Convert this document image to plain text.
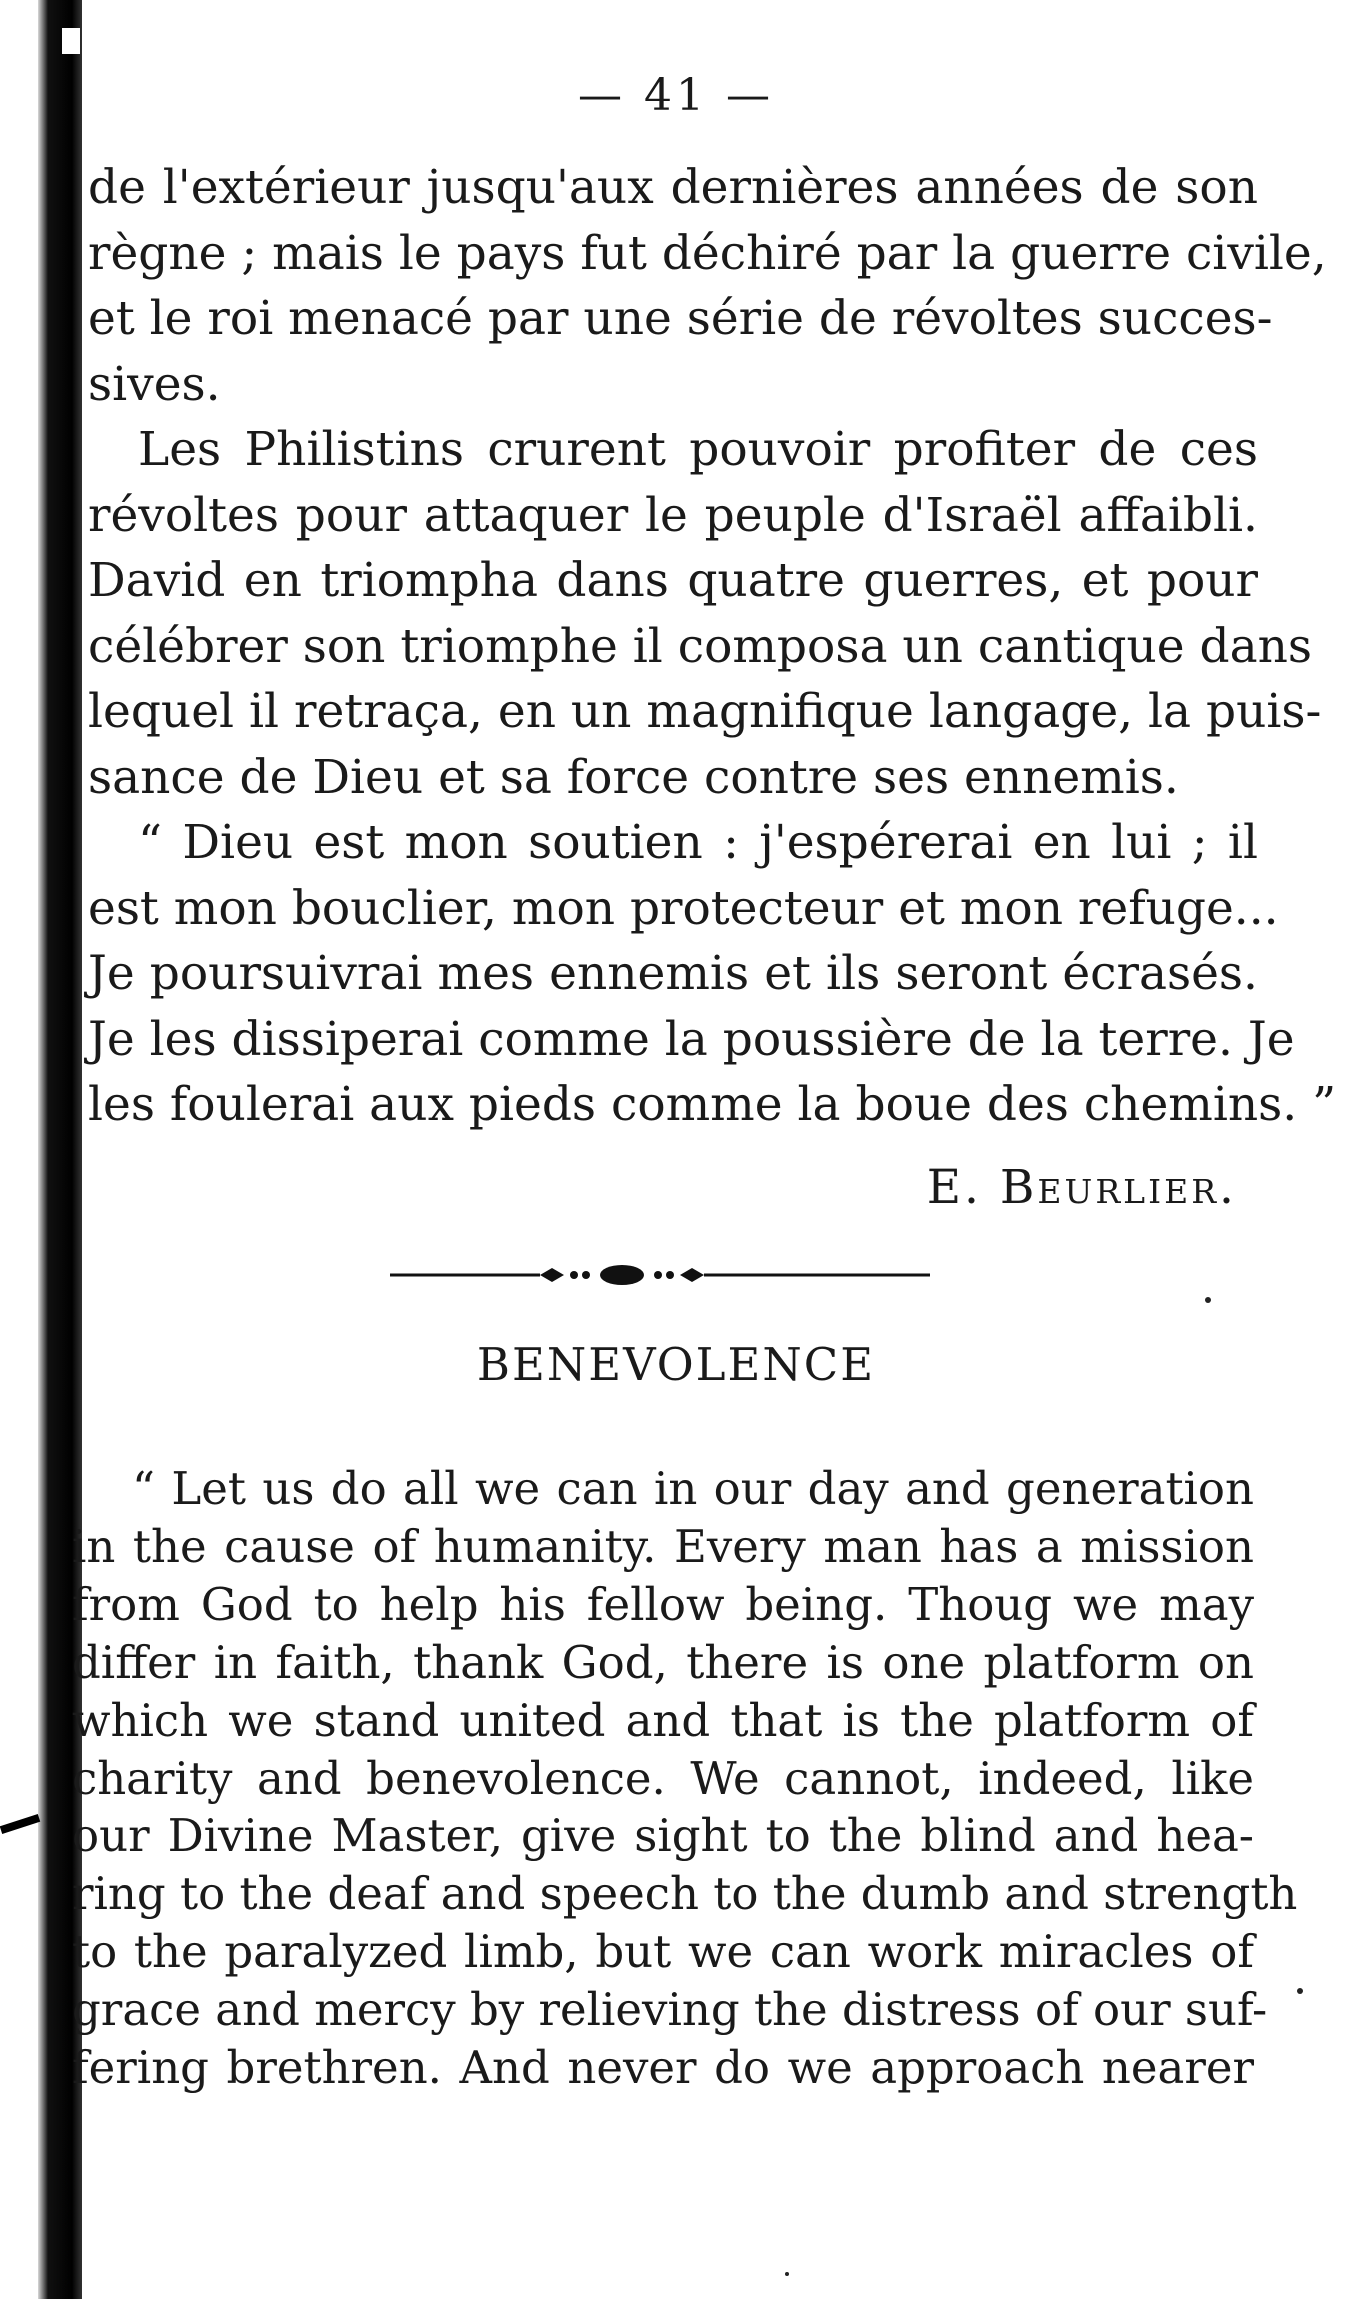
— 41 —
de l'extérieur jusqu'aux dernières années de son
règne ; mais le pays fut déchiré par la guerre civile,
et le roi menacé par une série de révoltes succes-
sives.
Les Philistins crurent pouvoir profiter de ces
révoltes pour attaquer le peuple d'Israël affaibli.
David en triompha dans quatre guerres, et pour
célébrer son triomphe il composa un cantique dans
lequel il retraça, en un magnifique langage, la puis-
sance de Dieu et sa force contre ses ennemis.
“ Dieu est mon soutien : j'espérerai en lui ; il
est mon bouclier, mon protecteur et mon refuge...
Je poursuivrai mes ennemis et ils seront écrasés.
Je les dissiperai comme la poussière de la terre. Je
les foulerai aux pieds comme la boue des chemins. ”
E. Beurlier.
BENEVOLENCE
“ Let us do all we can in our day and generation
in the cause of humanity. Every man has a mission
from God to help his fellow being. Thoug we may
differ in faith, thank God, there is one platform on
which we stand united and that is the platform of
charity and benevolence. We cannot, indeed, like
our Divine Master, give sight to the blind and hea-
ring to the deaf and speech to the dumb and strength
to the paralyzed limb, but we can work miracles of
grace and mercy by relieving the distress of our suf-
fering brethren. And never do we approach nearer
